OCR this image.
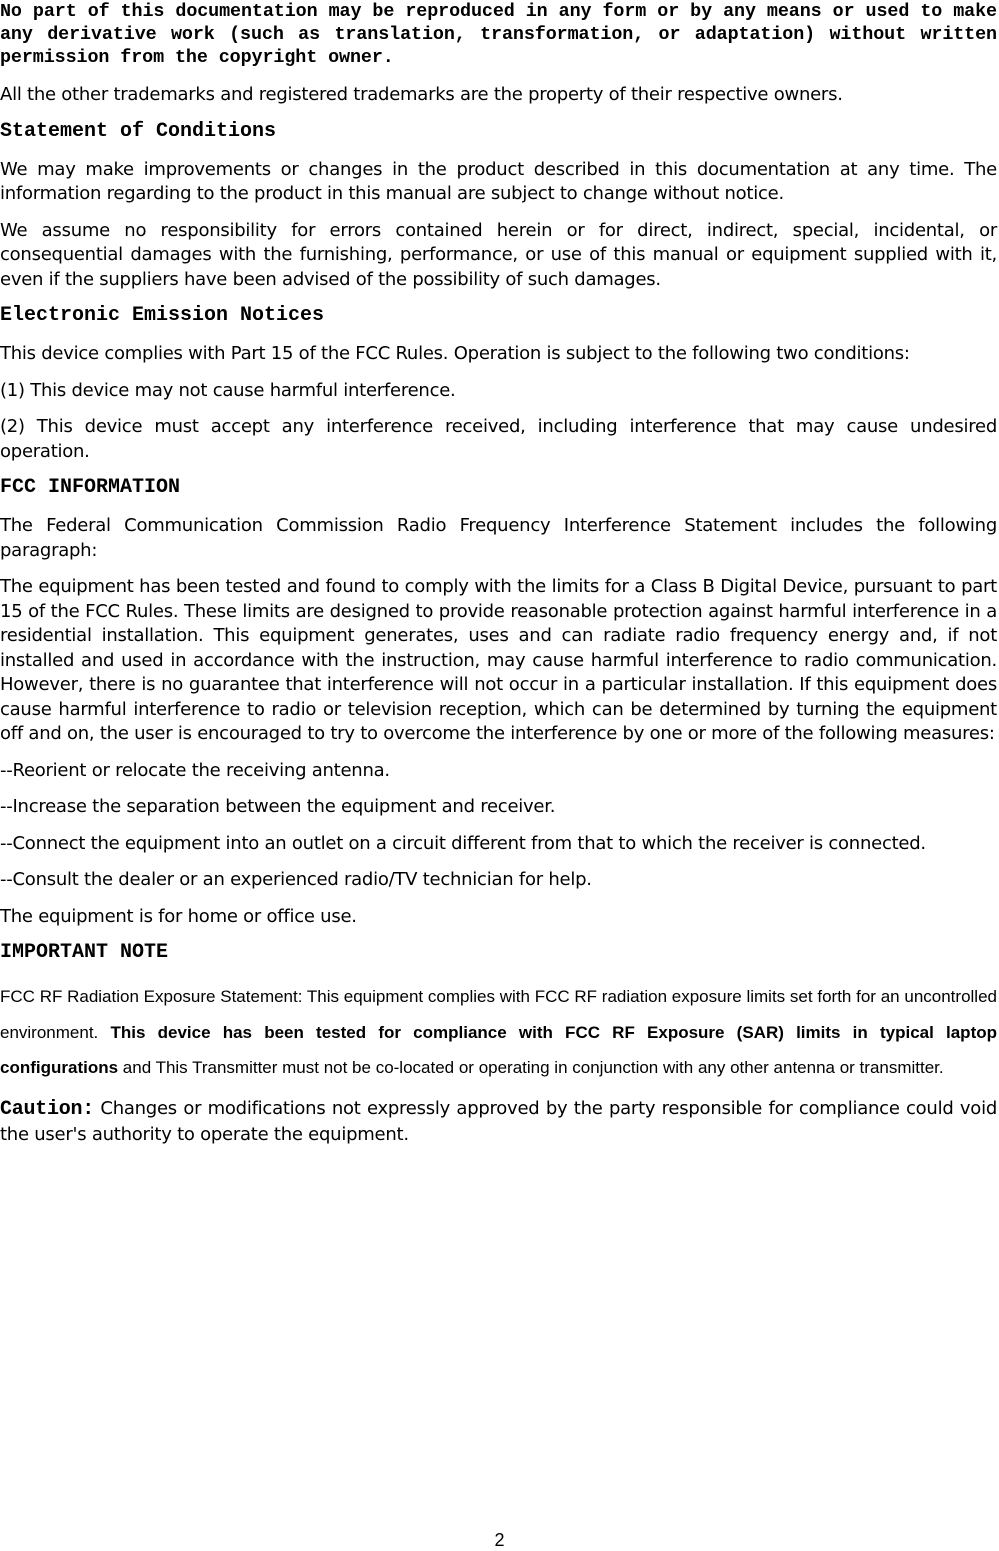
No part of this documentation may be reproduced in any form or by any means or used to make any derivative work (such as translation, transformation, or adaptation) without written permission from the copyright owner.

All the other trademarks and registered trademarks are the property of their respective owners.

Statement of Conditions

We may make improvements or changes in the product described in this documentation at any time. The information regarding to the product in this manual are subject to change without notice.

We assume no responsibility for errors contained herein or for direct, indirect, special, incidental, or consequential damages with the furnishing, performance, or use of this manual or equipment supplied with it, even if the suppliers have been advised of the possibility of such damages.

Electronic Emission Notices

This device complies with Part 15 of the FCC Rules. Operation is subject to the following two conditions:

(1) This device may not cause harmful interference.

(2) This device must accept any interference received, including interference that may cause undesired operation.

FCC INFORMATION

The Federal Communication Commission Radio Frequency Interference Statement includes the following paragraph:

The equipment has been tested and found to comply with the limits for a Class B Digital Device, pursuant to part 15 of the FCC Rules. These limits are designed to provide reasonable protection against harmful interference in a residential installation. This equipment generates, uses and can radiate radio frequency energy and, if not installed and used in accordance with the instruction, may cause harmful interference to radio communication. However, there is no guarantee that interference will not occur in a particular installation. If this equipment does cause harmful interference to radio or television reception, which can be determined by turning the equipment off and on, the user is encouraged to try to overcome the interference by one or more of the following measures:

--Reorient or relocate the receiving antenna.

--Increase the separation between the equipment and receiver.

--Connect the equipment into an outlet on a circuit different from that to which the receiver is connected.

--Consult the dealer or an experienced radio/TV technician for help.

The equipment is for home or office use.

IMPORTANT NOTE

FCC RF Radiation Exposure Statement: This equipment complies with FCC RF radiation exposure limits set forth for an uncontrolled environment. This device has been tested for compliance with FCC RF Exposure (SAR) limits in typical laptop configurations and This Transmitter must not be co-located or operating in conjunction with any other antenna or transmitter.

Caution: Changes or modifications not expressly approved by the party responsible for compliance could void the user's authority to operate the equipment.

2
